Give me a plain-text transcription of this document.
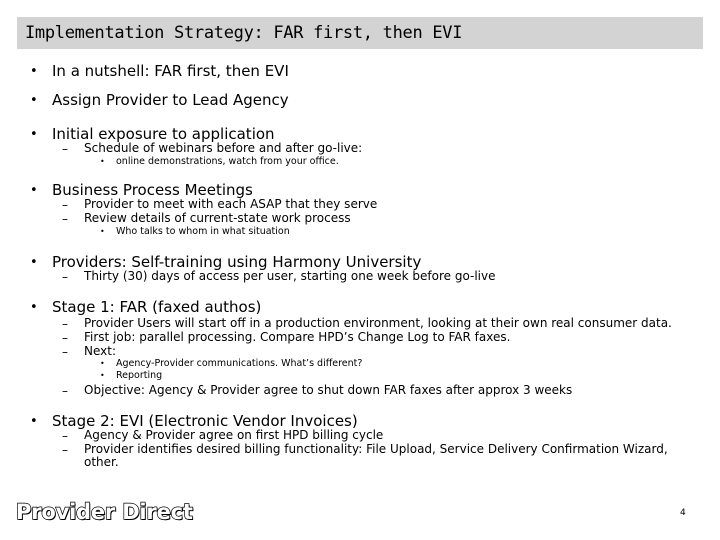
Implementation Strategy: FAR first, then EVI
• In a nutshell: FAR first, then EVI
• Assign Provider to Lead Agency
• Initial exposure to application
– Schedule of webinars before and after go-live:
• online demonstrations, watch from your office.
• Business Process Meetings
– Provider to meet with each ASAP that they serve
– Review details of current-state work process
• Who talks to whom in what situation
• Providers: Self-training using Harmony University
– Thirty (30) days of access per user, starting one week before go-live
• Stage 1: FAR (faxed authos)
– Provider Users will start off in a production environment, looking at their own real consumer data.
– First job: parallel processing. Compare HPD’s Change Log to FAR faxes.
– Next:
• Agency-Provider communications. What’s different?
• Reporting
– Objective: Agency & Provider agree to shut down FAR faxes after approx 3 weeks
• Stage 2: EVI (Electronic Vendor Invoices)
– Agency & Provider agree on first HPD billing cycle
– Provider identifies desired billing functionality: File Upload, Service Delivery Confirmation Wizard,
other.
Provider Direct	4
